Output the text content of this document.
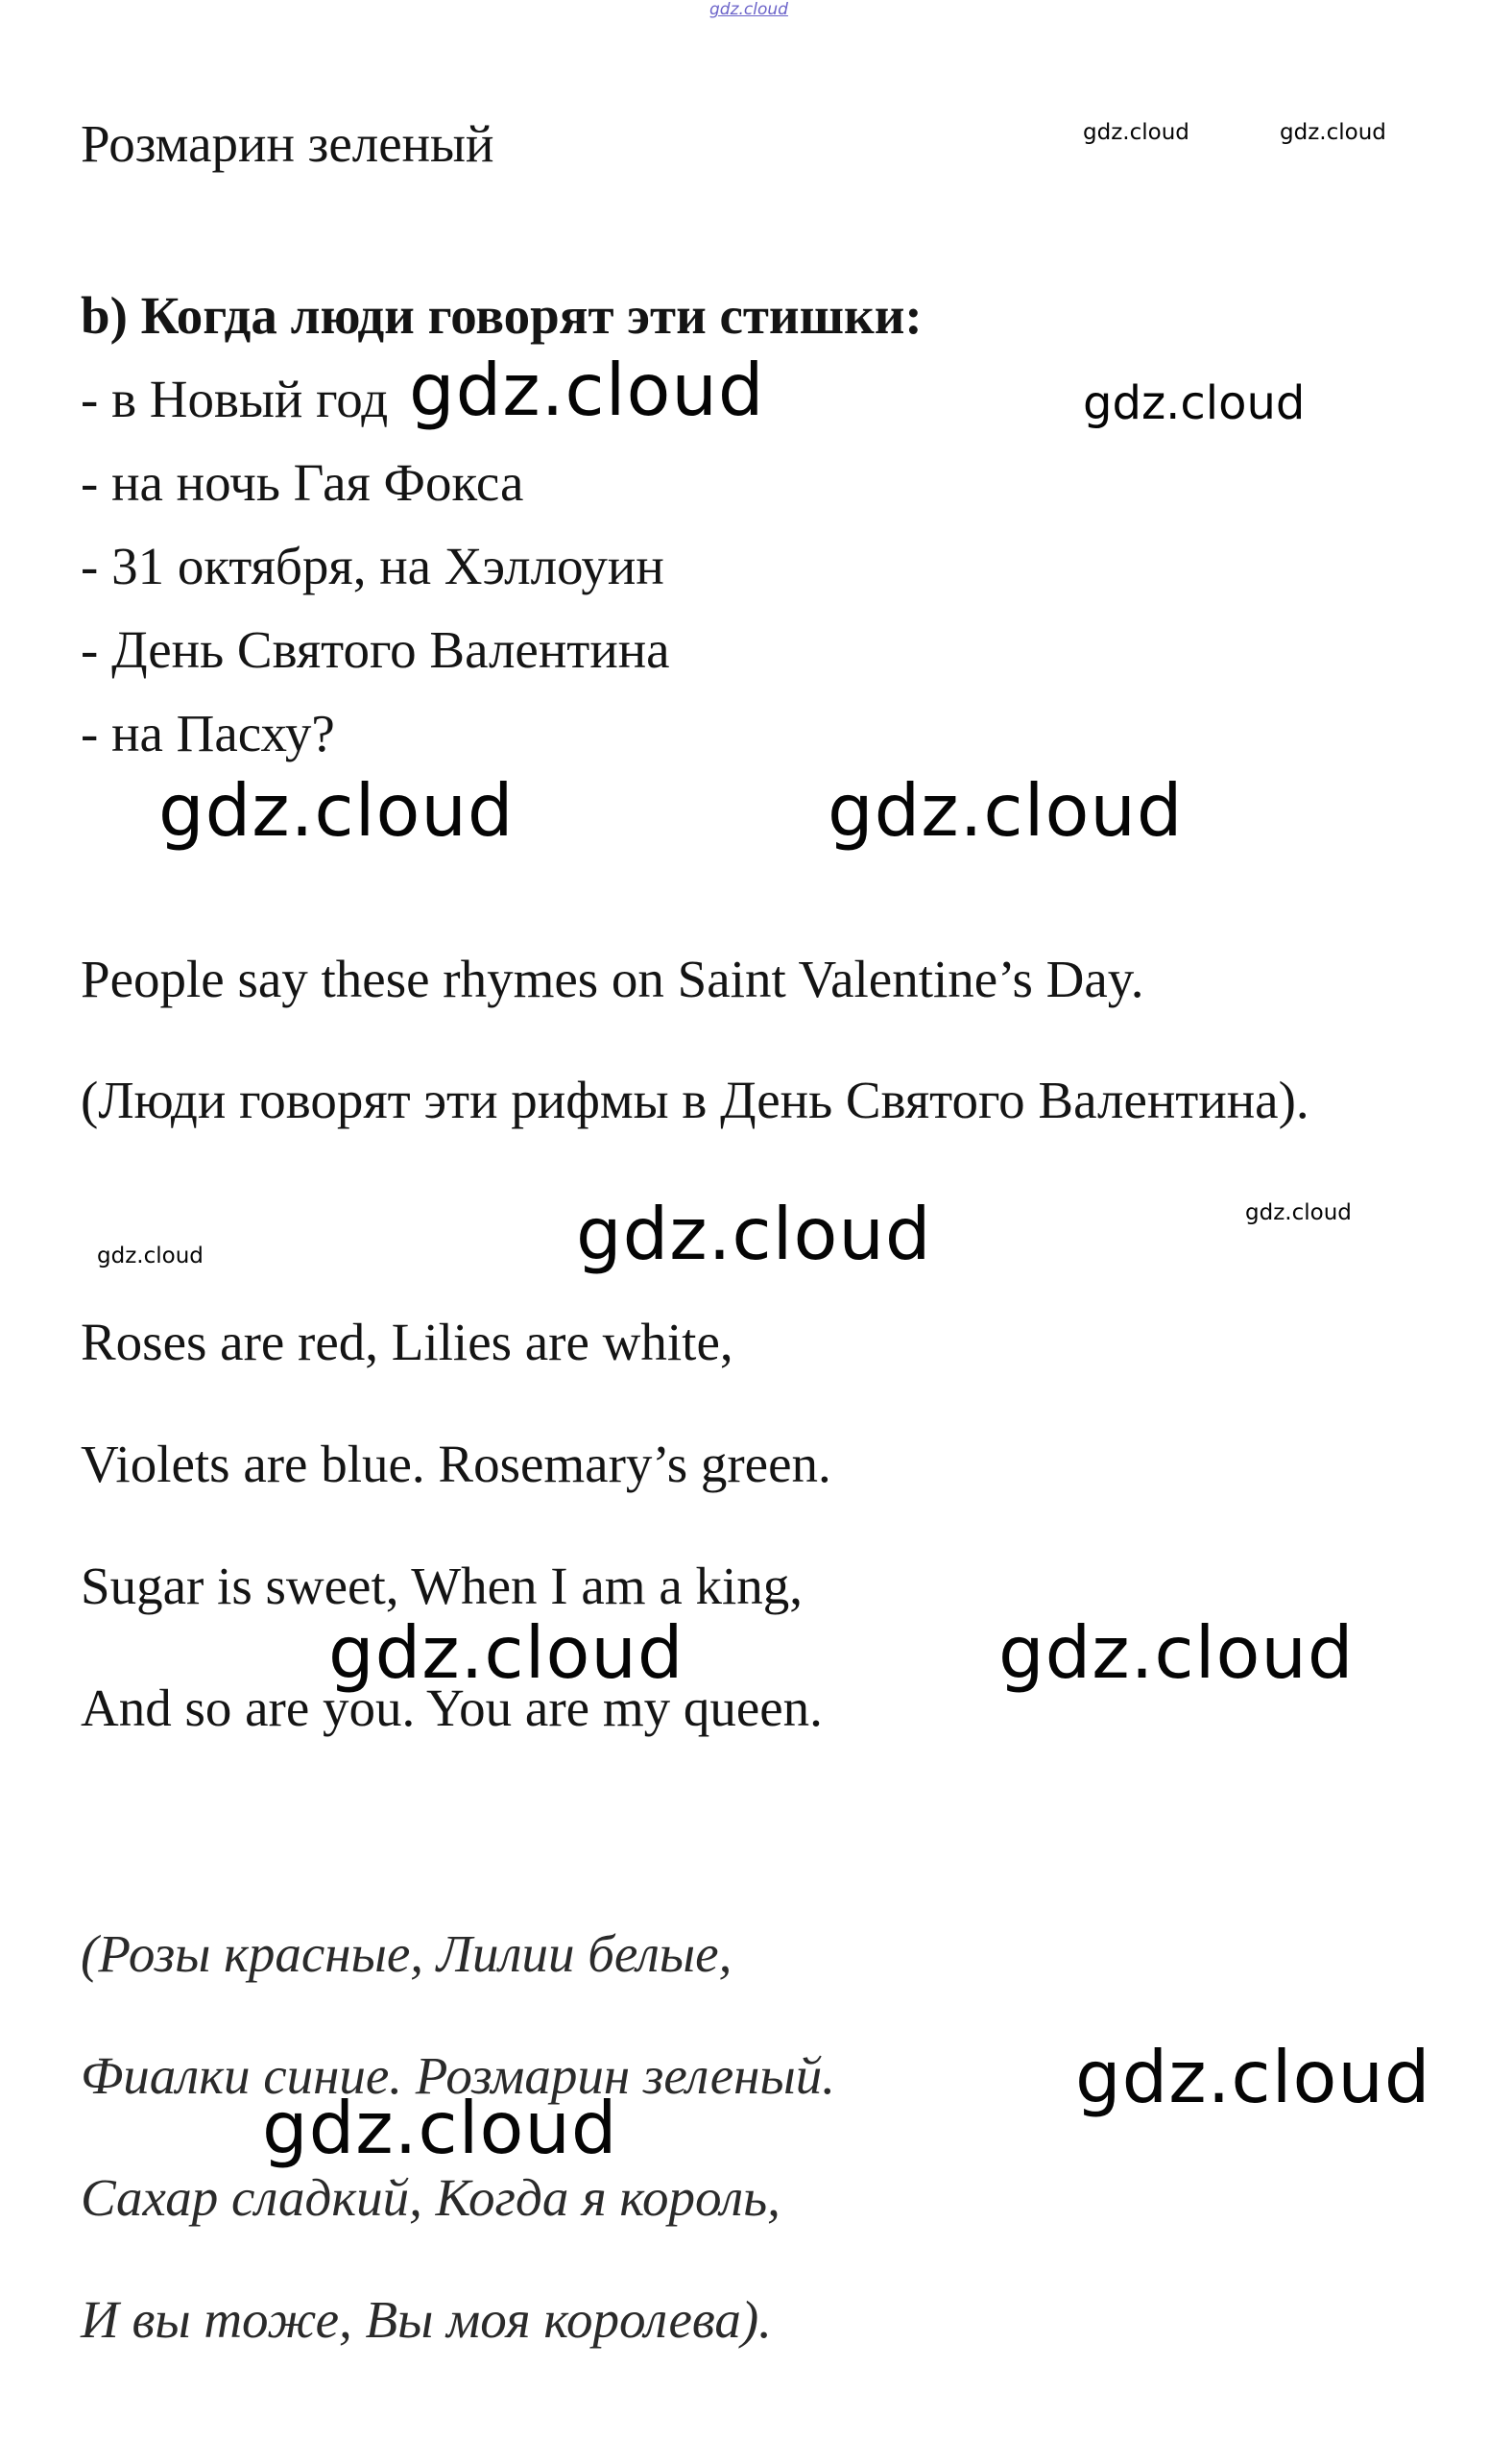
gdz.cloud

Розмарин зеленый

b) Когда люди говорят эти стишки:

- в Новый год

- на ночь Гая Фокса

- 31 октября, на Хэллоуин

- День Святого Валентина

- на Пасху?

People say these rhymes on Saint Valentine’s Day.

(Люди говорят эти рифмы в День Святого Валентина).

Roses are red, Lilies are white,

Violets are blue. Rosemary’s green.

Sugar is sweet, When I am a king,

And so are you. You are my queen.

(Розы красные, Лилии белые,

Фиалки синие. Розмарин зеленый.

Сахар сладкий, Когда я король,

И вы тоже, Вы моя королева).

gdz.cloud	gdz.cloud
gdz.cloud	gdz.cloud
gdz.cloud	gdz.cloud
gdz.cloud
gdz.cloud	gdz.cloud
gdz.cloud	gdz.cloud
gdz.cloud
gdz.cloud
